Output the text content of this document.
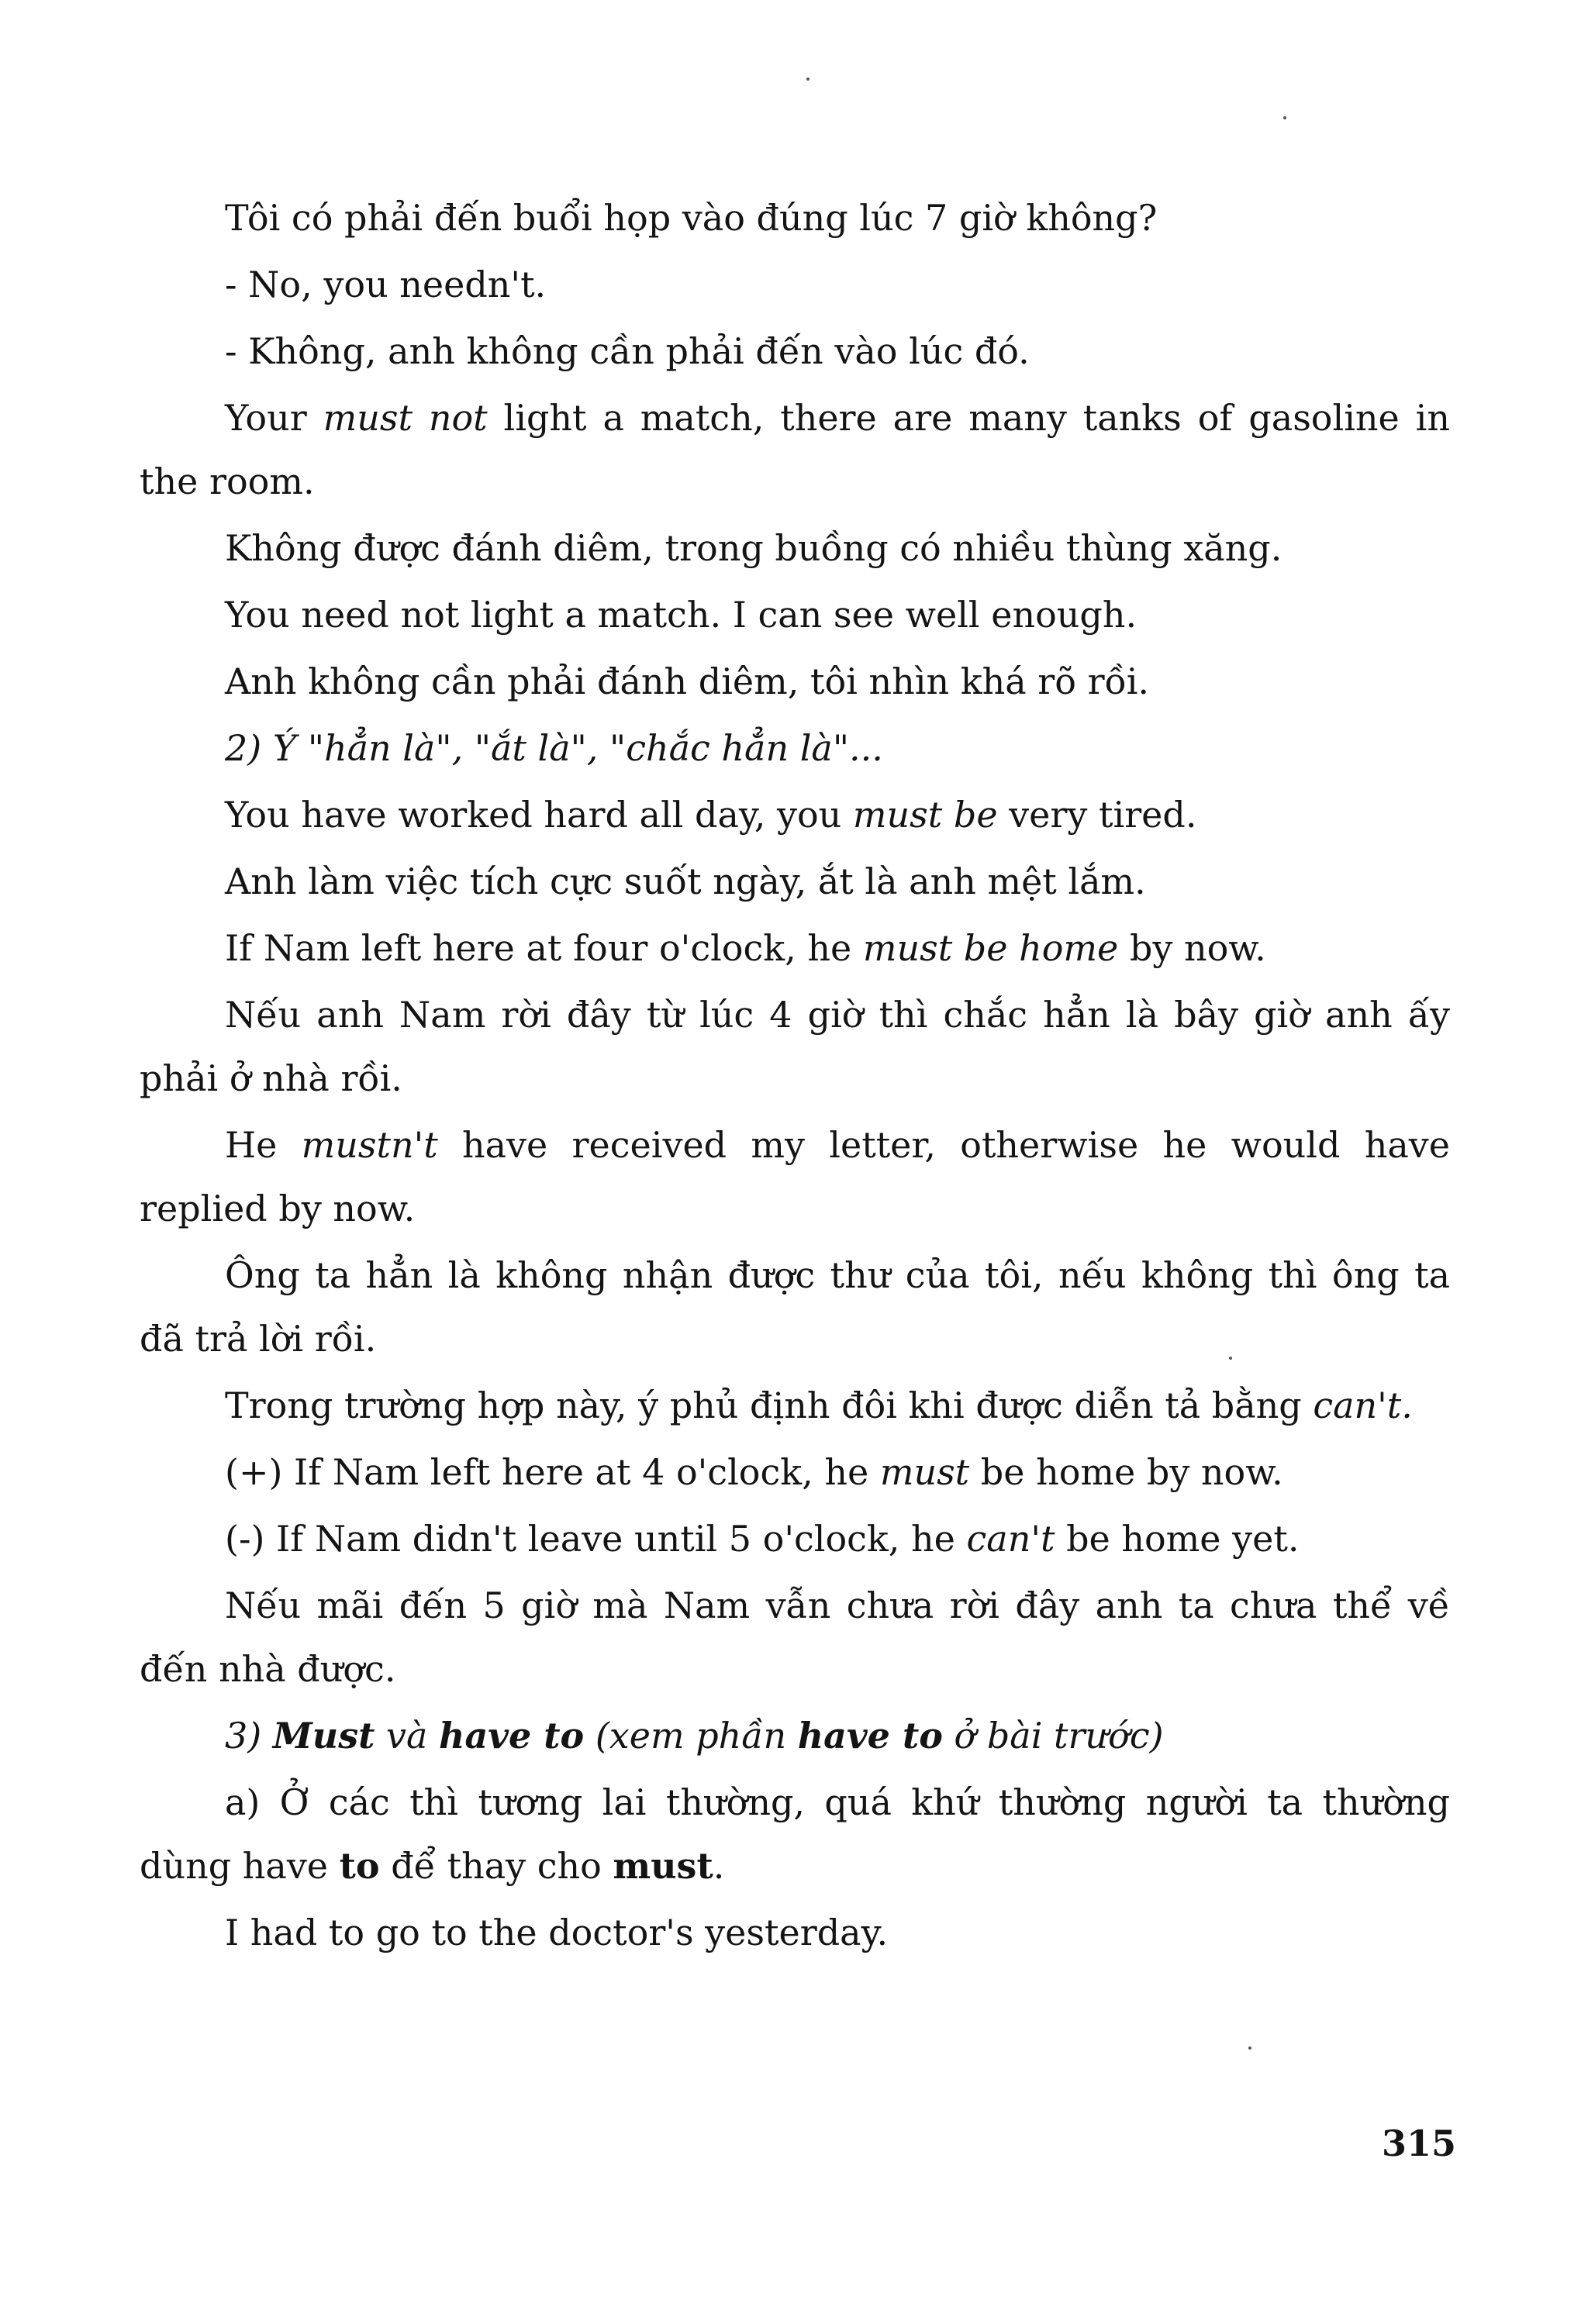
Tôi có phải đến buổi họp vào đúng lúc 7 giờ không?

- No, you needn't.

- Không, anh không cần phải đến vào lúc đó.

Your must not light a match, there are many tanks of gasoline in the room.

Không được đánh diêm, trong buồng có nhiều thùng xăng.

You need not light a match. I can see well enough.

Anh không cần phải đánh diêm, tôi nhìn khá rõ rồi.

2) Ý "hẳn là", "ắt là", "chắc hẳn là"...

You have worked hard all day, you must be very tired.

Anh làm việc tích cực suốt ngày, ắt là anh mệt lắm.

If Nam left here at four o'clock, he must be home by now.

Nếu anh Nam rời đây từ lúc 4 giờ thì chắc hẳn là bây giờ anh ấy phải ở nhà rồi.

He mustn't have received my letter, otherwise he would have replied by now.

Ông ta hẳn là không nhận được thư của tôi, nếu không thì ông ta đã trả lời rồi.

Trong trường hợp này, ý phủ định đôi khi được diễn tả bằng can't.

(+) If Nam left here at 4 o'clock, he must be home by now.

(-) If Nam didn't leave until 5 o'clock, he can't be home yet.

Nếu mãi đến 5 giờ mà Nam vẫn chưa rời đây anh ta chưa thể về đến nhà được.

3) Must và have to (xem phần have to ở bài trước)

a) Ở các thì tương lai thường, quá khứ thường người ta thường dùng have to để thay cho must.

I had to go to the doctor's yesterday.

315
